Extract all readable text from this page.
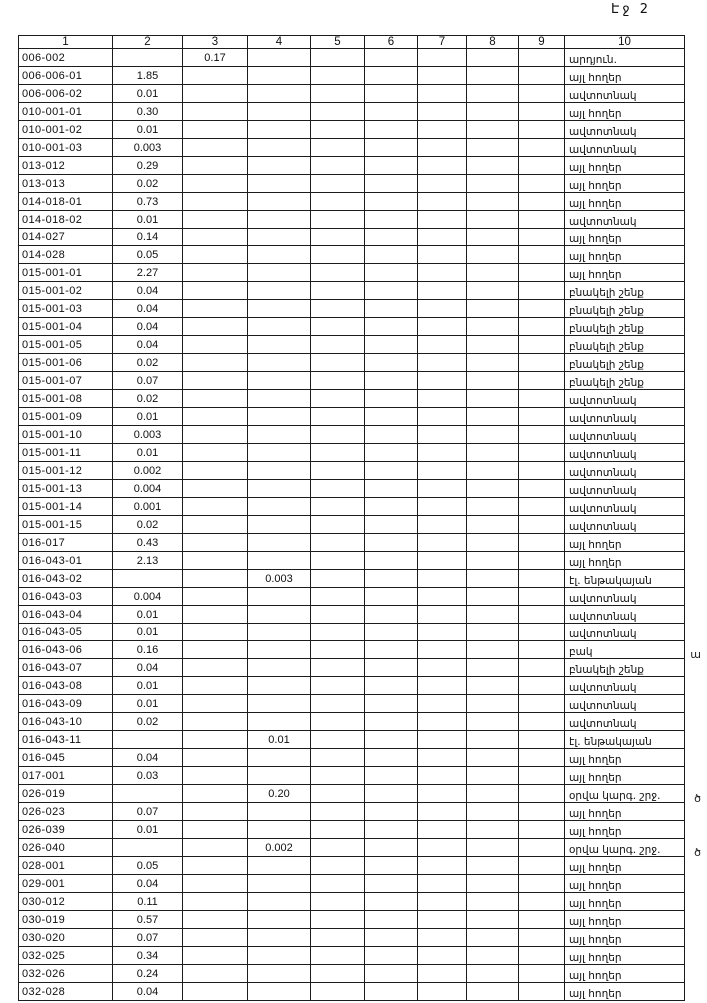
Էջ 2
1	2	3	4	5	6	7	8	9	10
006-002		0.17							արդյուն.
006-006-01	1.85								այլ հողեր
006-006-02	0.01								ավտոտնակ
010-001-01	0.30								այլ հողեր
010-001-02	0.01								ավտոտնակ
010-001-03	0.003								ավտոտնակ
013-012	0.29								այլ հողեր
013-013	0.02								այլ հողեր
014-018-01	0.73								այլ հողեր
014-018-02	0.01								ավտոտնակ
014-027	0.14								այլ հողեր
014-028	0.05								այլ հողեր
015-001-01	2.27								այլ հողեր
015-001-02	0.04								բնակելի շենք
015-001-03	0.04								բնակելի շենք
015-001-04	0.04								բնակելի շենք
015-001-05	0.04								բնակելի շենք
015-001-06	0.02								բնակելի շենք
015-001-07	0.07								բնակելի շենք
015-001-08	0.02								ավտոտնակ
015-001-09	0.01								ավտոտնակ
015-001-10	0.003								ավտոտնակ
015-001-11	0.01								ավտոտնակ
015-001-12	0.002								ավտոտնակ
015-001-13	0.004								ավտոտնակ
015-001-14	0.001								ավտոտնակ
015-001-15	0.02								ավտոտնակ
016-017	0.43								այլ հողեր
016-043-01	2.13								այլ հողեր
016-043-02			0.003						էլ. ենթակայան
016-043-03	0.004								ավտոտնակ
016-043-04	0.01								ավտոտնակ
016-043-05	0.01								ավտոտնակ
016-043-06	0.16								բակ ա

016-043-07	0.04								բնակելի շենք
016-043-08	0.01								ավտոտնակ
016-043-09	0.01								ավտոտնակ
016-043-10	0.02								ավտոտնակ
016-043-11			0.01						էլ. ենթակայան
016-045	0.04								այլ հողեր
017-001	0.03								այլ հողեր
026-019			0.20						օրվա կարգ. շրջ. ծ

026-023	0.07								այլ հողեր
026-039	0.01								այլ հողեր
026-040			0.002						օրվա կարգ. շրջ. ծ

028-001	0.05								այլ հողեր
029-001	0.04								այլ հողեր
030-012	0.11								այլ հողեր
030-019	0.57								այլ հողեր
030-020	0.07								այլ հողեր
032-025	0.34								այլ հողեր
032-026	0.24								այլ հողեր
032-028	0.04								այլ հողեր
